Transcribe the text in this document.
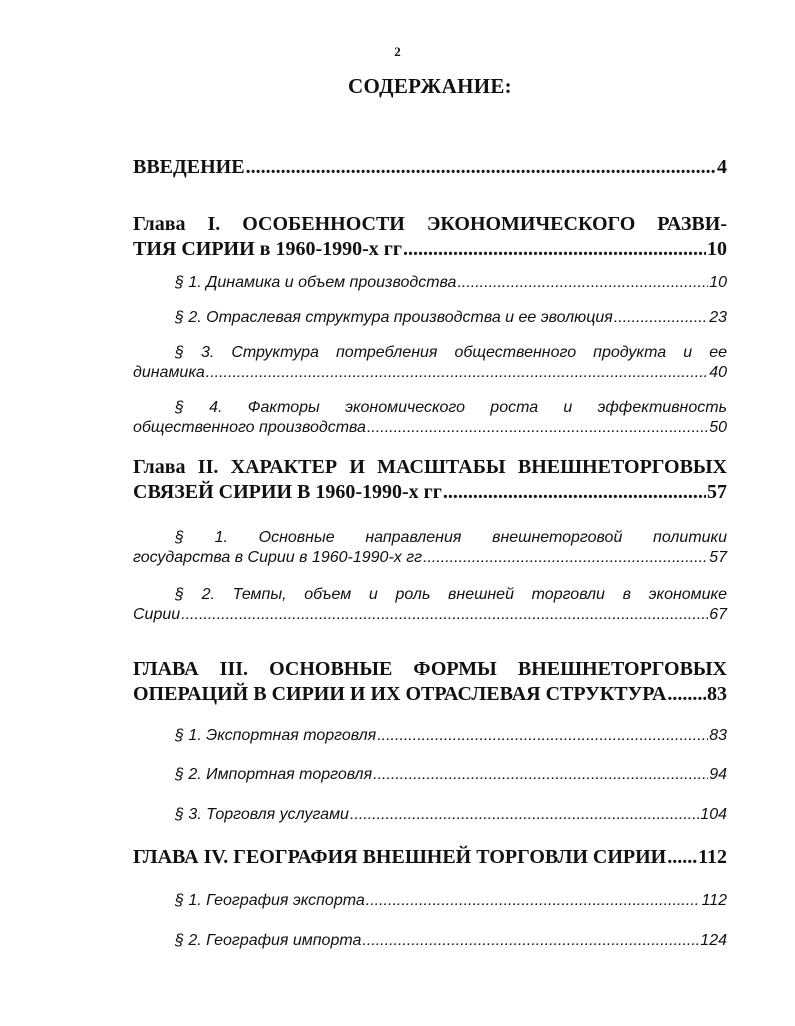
2
СОДЕРЖАНИЕ:
ВВЕДЕНИЕ .....	4
Глава I. ОСОБЕННОСТИ ЭКОНОМИЧЕСКОГО РАЗВИ-
ТИЯ СИРИИ в 1960-1990-х гг .....	10
§ 1. Динамика и объем производства .....	10
§ 2. Отраслевая структура производства и ее эволюция .....	23
§ 3. Структура потребления общественного продукта и ее
динамика .....	40
§ 4. Факторы экономического роста и эффективность
общественного производства .....	50
Глава II. ХАРАКТЕР И МАСШТАБЫ ВНЕШНЕТОРГОВЫХ
СВЯЗЕЙ СИРИИ В 1960-1990-х гг .....	57
§ 1. Основные направления внешнеторговой политики
государства в Сирии в 1960-1990-х гг .....	57
§ 2. Темпы, объем и роль внешней торговли в экономике
Сирии .....	67
ГЛАВА III. ОСНОВНЫЕ ФОРМЫ ВНЕШНЕТОРГОВЫХ
ОПЕРАЦИЙ В СИРИИ И ИХ ОТРАСЛЕВАЯ СТРУКТУРА ..... 83
§ 1. Экспортная торговля .....	83
§ 2. Импортная торговля .....	94
§ 3. Торговля услугами .....	104
ГЛАВА IV. ГЕОГРАФИЯ ВНЕШНЕЙ ТОРГОВЛИ СИРИИ ..... 112
§ 1. География экспорта .....	112
§ 2. География импорта .....	124
